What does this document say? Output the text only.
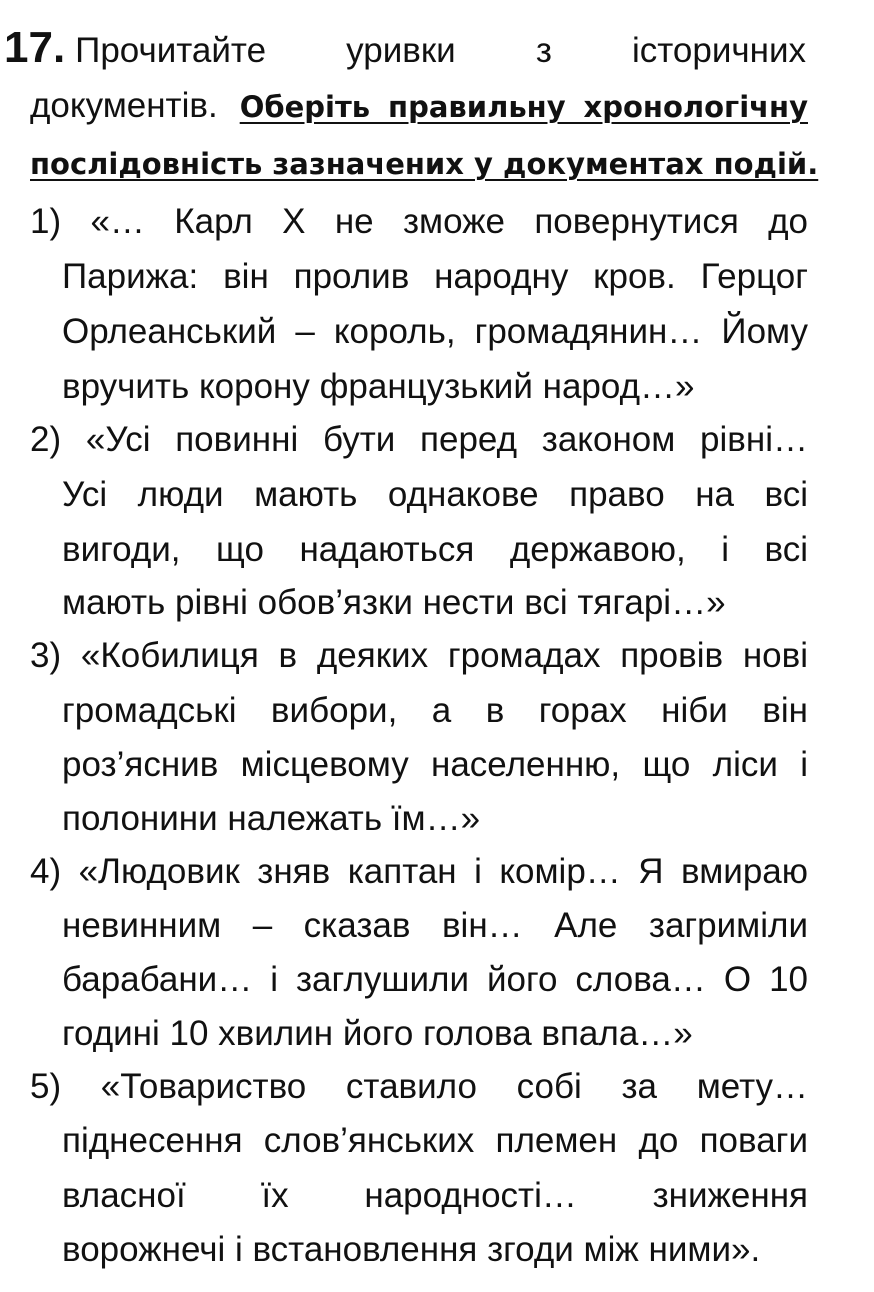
17. Прочитайте уривки з історичних
документів. Оберіть правильну хронологічну
послідовність зазначених у документах подій.
1) «… Карл Х не зможе повернутися до
Парижа: він пролив народну кров. Герцог
Орлеанський – король, громадянин… Йому
вручить корону французький народ…»
2) «Усі повинні бути перед законом рівні…
Усі люди мають однакове право на всі
вигоди, що надаються державою, і всі
мають рівні обов’язки нести всі тягарі…»
3) «Кобилиця в деяких громадах провів нові
громадські вибори, а в горах ніби він
роз’яснив місцевому населенню, що ліси і
полонини належать їм…»
4) «Людовик зняв каптан і комір… Я вмираю
невинним – сказав він… Але загриміли
барабани… і заглушили його слова… О 10
годині 10 хвилин його голова впала…»
5) «Товариство ставило собі за мету…
піднесення слов’янських племен до поваги
власної їх народності… зниження
ворожнечі і встановлення згоди між ними».
